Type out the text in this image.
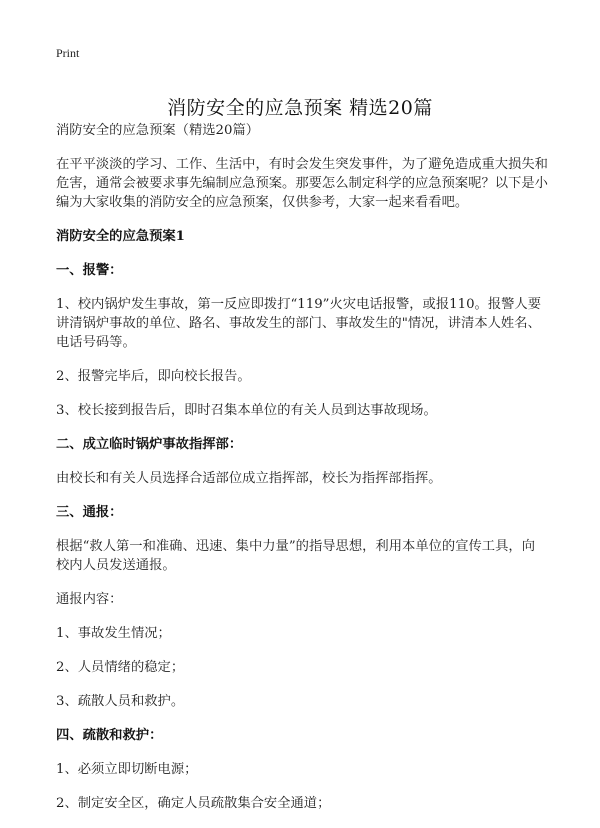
Print
消防安全的应急预案 精选20篇

消防安全的应急预案（精选20篇）

在平平淡淡的学习、工作、生活中，有时会发生突发事件，为了避免造成重大损失和危害，通常会被要求事先编制应急预案。那要怎么制定科学的应急预案呢？以下是小编为大家收集的消防安全的应急预案，仅供参考，大家一起来看看吧。

消防安全的应急预案1

一、报警：

1、校内锅炉发生事故，第一反应即拨打“119”火灾电话报警，或报110。报警人要讲清锅炉事故的单位、路名、事故发生的部门、事故发生的"情况，讲清本人姓名、电话号码等。

2、报警完毕后，即向校长报告。

3、校长接到报告后，即时召集本单位的有关人员到达事故现场。

二、成立临时锅炉事故指挥部：

由校长和有关人员选择合适部位成立指挥部，校长为指挥部指挥。

三、通报：

根据“救人第一和准确、迅速、集中力量”的指导思想，利用本单位的宣传工具，向校内人员发送通报。

通报内容：

1、事故发生情况；

2、人员情绪的稳定；

3、疏散人员和救护。

四、疏散和救护：

1、必须立即切断电源；

2、制定安全区，确定人员疏散集合安全通道；
